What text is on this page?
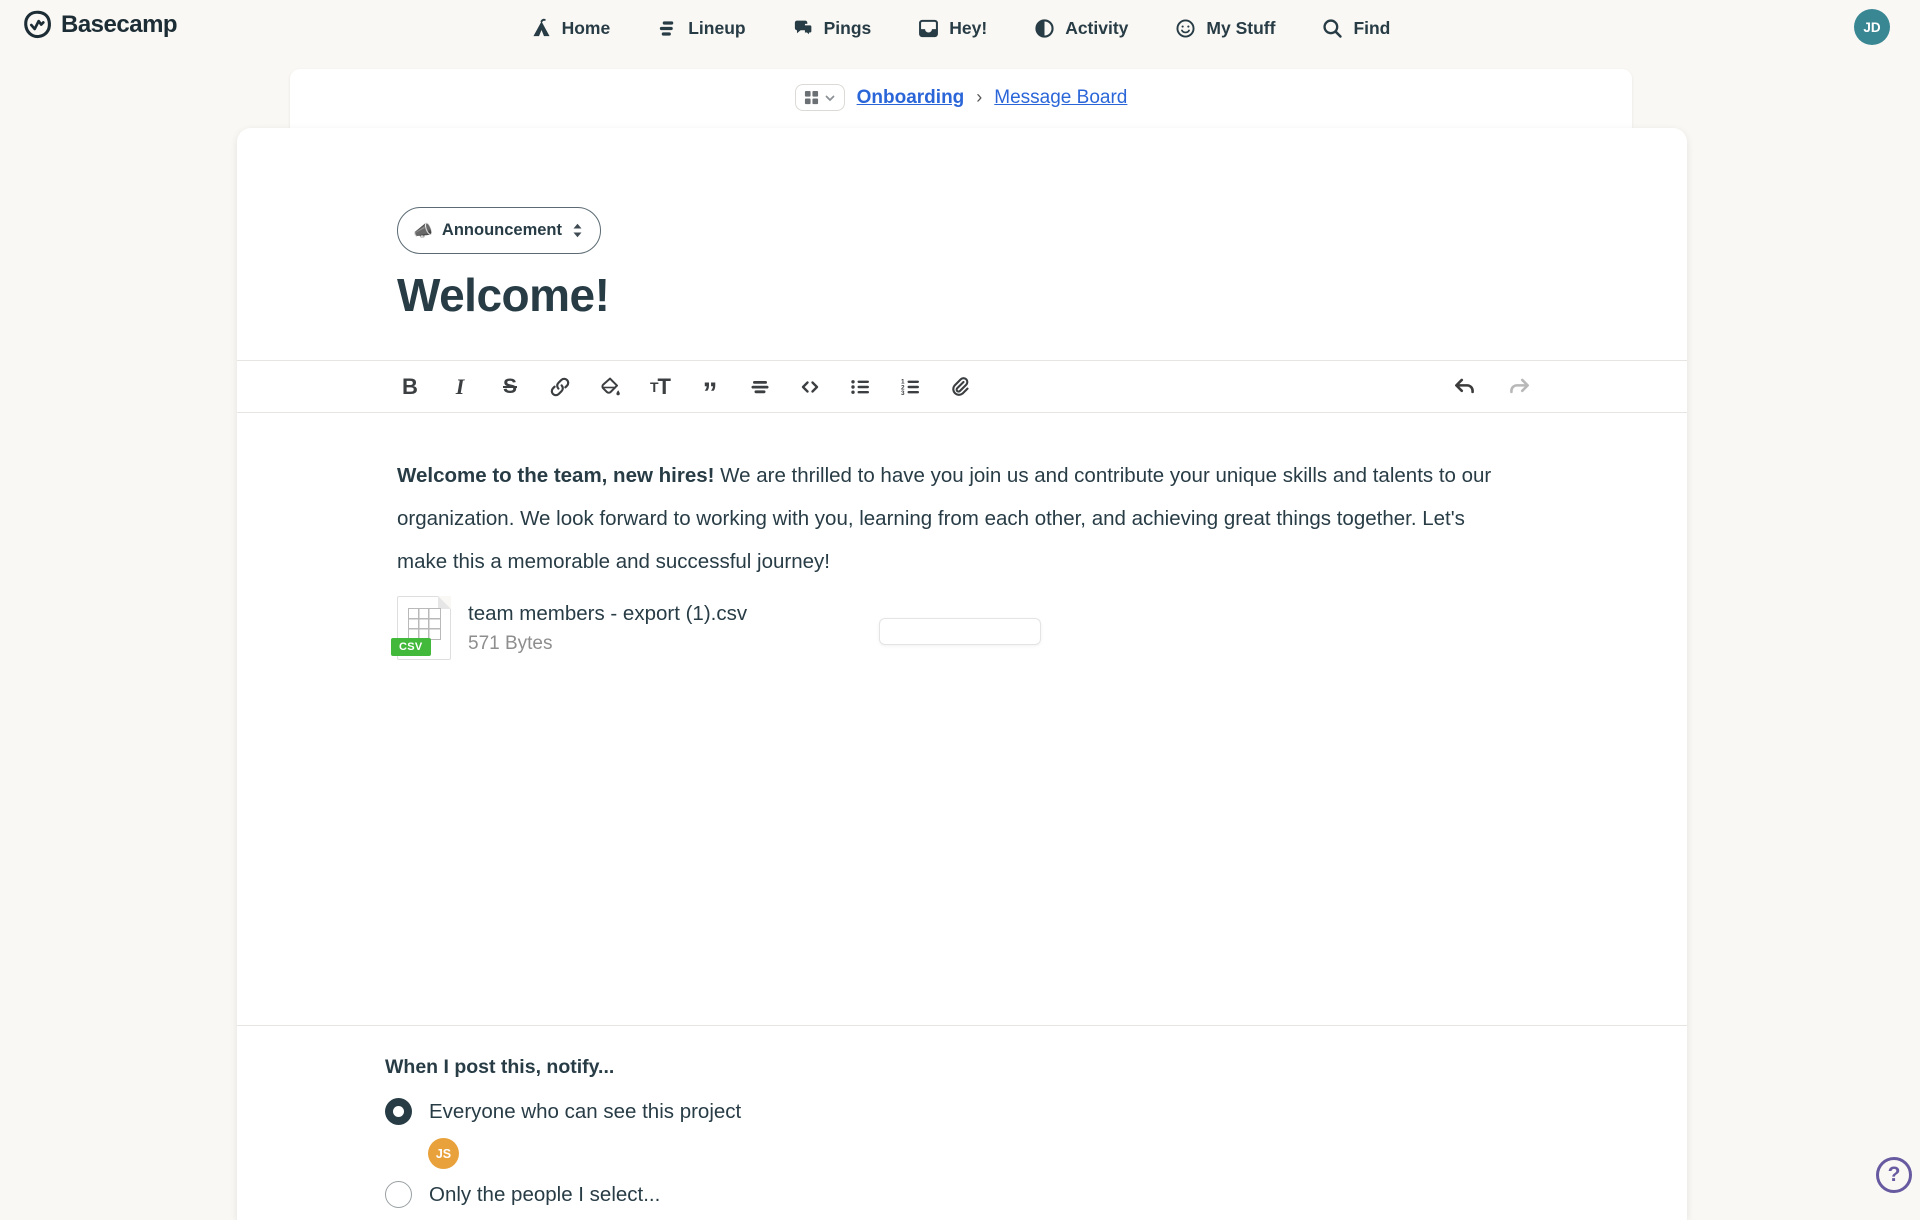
Basecamp	Home	Lineup	Pings	Hey!	Activity	My Stuff	Find	JD
Onboarding › Message Board
📣 Announcement
Welcome!
B	I	S	T T ”	1
2
3
Welcome to the team, new hires! We are thrilled to have you join us and contribute your unique skills and talents to our organization. We look forward to working with you, learning from each other, and achieving great things together. Let's make this a memorable and successful journey!
CSV
team members - export (1).csv
571 Bytes
When I post this, notify...
Everyone who can see this project
JS
Only the people I select...
?
